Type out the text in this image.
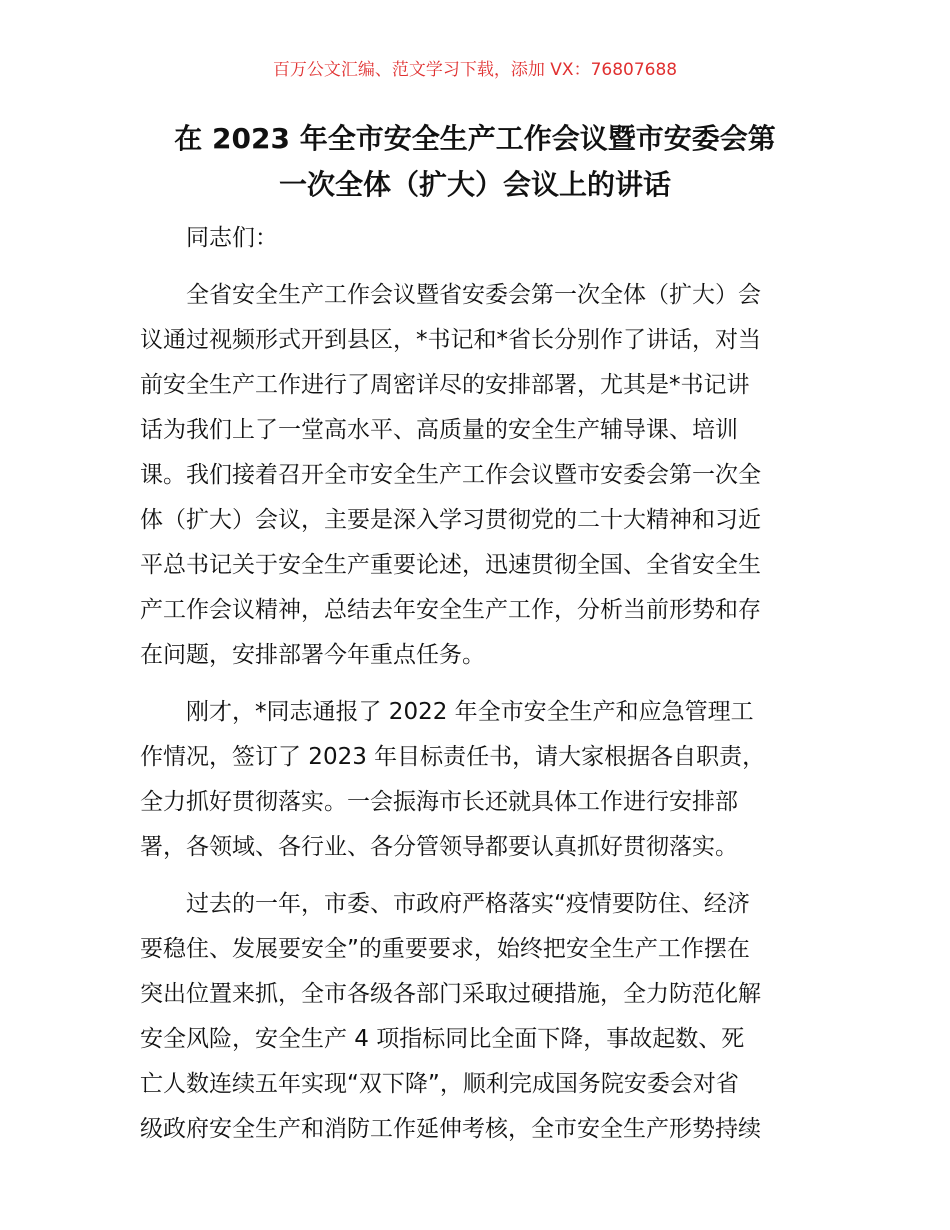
百万公文汇编、范文学习下载，添加 VX：76807688
在 2023 年全市安全生产工作会议暨市安委会第
一次全体（扩大）会议上的讲话

同志们：

全省安全生产工作会议暨省安委会第一次全体（扩大）会
议通过视频形式开到县区，*书记和*省长分别作了讲话，对当
前安全生产工作进行了周密详尽的安排部署，尤其是*书记讲
话为我们上了一堂高水平、高质量的安全生产辅导课、培训
课。我们接着召开全市安全生产工作会议暨市安委会第一次全
体（扩大）会议，主要是深入学习贯彻党的二十大精神和习近
平总书记关于安全生产重要论述，迅速贯彻全国、全省安全生
产工作会议精神，总结去年安全生产工作，分析当前形势和存
在问题，安排部署今年重点任务。

刚才，*同志通报了 2022 年全市安全生产和应急管理工
作情况，签订了 2023 年目标责任书，请大家根据各自职责，
全力抓好贯彻落实。一会振海市长还就具体工作进行安排部
署，各领域、各行业、各分管领导都要认真抓好贯彻落实。

过去的一年，市委、市政府严格落实“疫情要防住、经济
要稳住、发展要安全”的重要要求，始终把安全生产工作摆在
突出位置来抓，全市各级各部门采取过硬措施，全力防范化解
安全风险，安全生产 4 项指标同比全面下降，事故起数、死
亡人数连续五年实现“双下降”，顺利完成国务院安委会对省
级政府安全生产和消防工作延伸考核，全市安全生产形势持续
